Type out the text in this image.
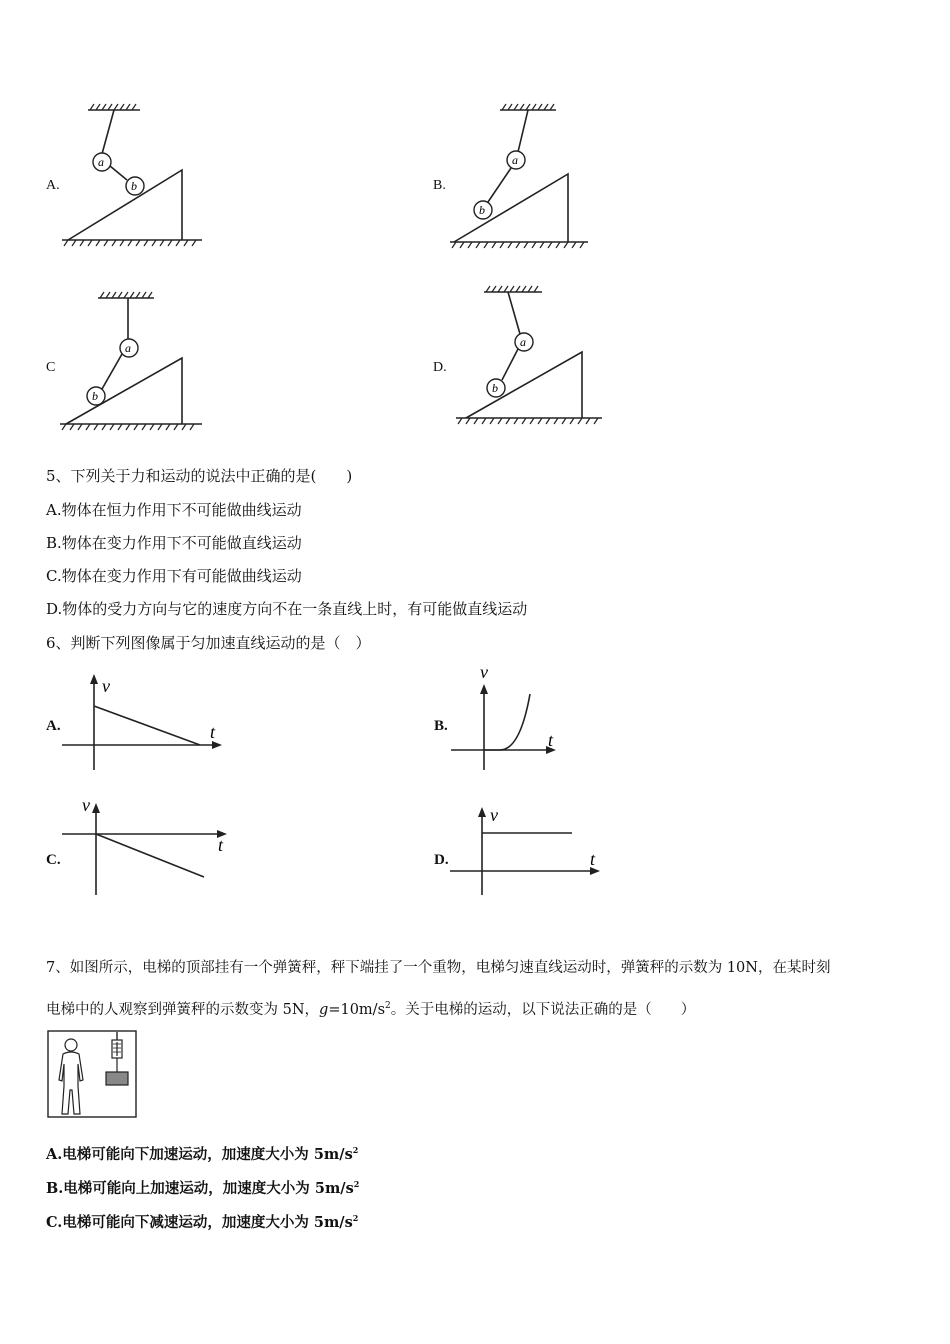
A.
a
b	B.
a
b
C
a
b
D.
a
b
5、下列关于力和运动的说法中正确的是(　　)
A.物体在恒力作用下不可能做曲线运动
B.物体在变力作用下不可能做直线运动
C.物体在变力作用下有可能做曲线运动
D.物体的受力方向与它的速度方向不在一条直线上时，有可能做直线运动
6、判断下列图像属于匀加速直线运动的是（　）
A.
v
t	B.
v
t
C.
v
t
D.
v
t
7、如图所示，电梯的顶部挂有一个弹簧秤，秤下端挂了一个重物，电梯匀速直线运动时，弹簧秤的示数为 10N，在某时刻
电梯中的人观察到弹簧秤的示数变为 5N，$g=10m/s^2$。关于电梯的运动，以下说法正确的是（　　）
A.电梯可能向下加速运动，加速度大小为 $5m/s^2$
B.电梯可能向上加速运动，加速度大小为 $5m/s^2$
C.电梯可能向下减速运动，加速度大小为 $5m/s^2$
